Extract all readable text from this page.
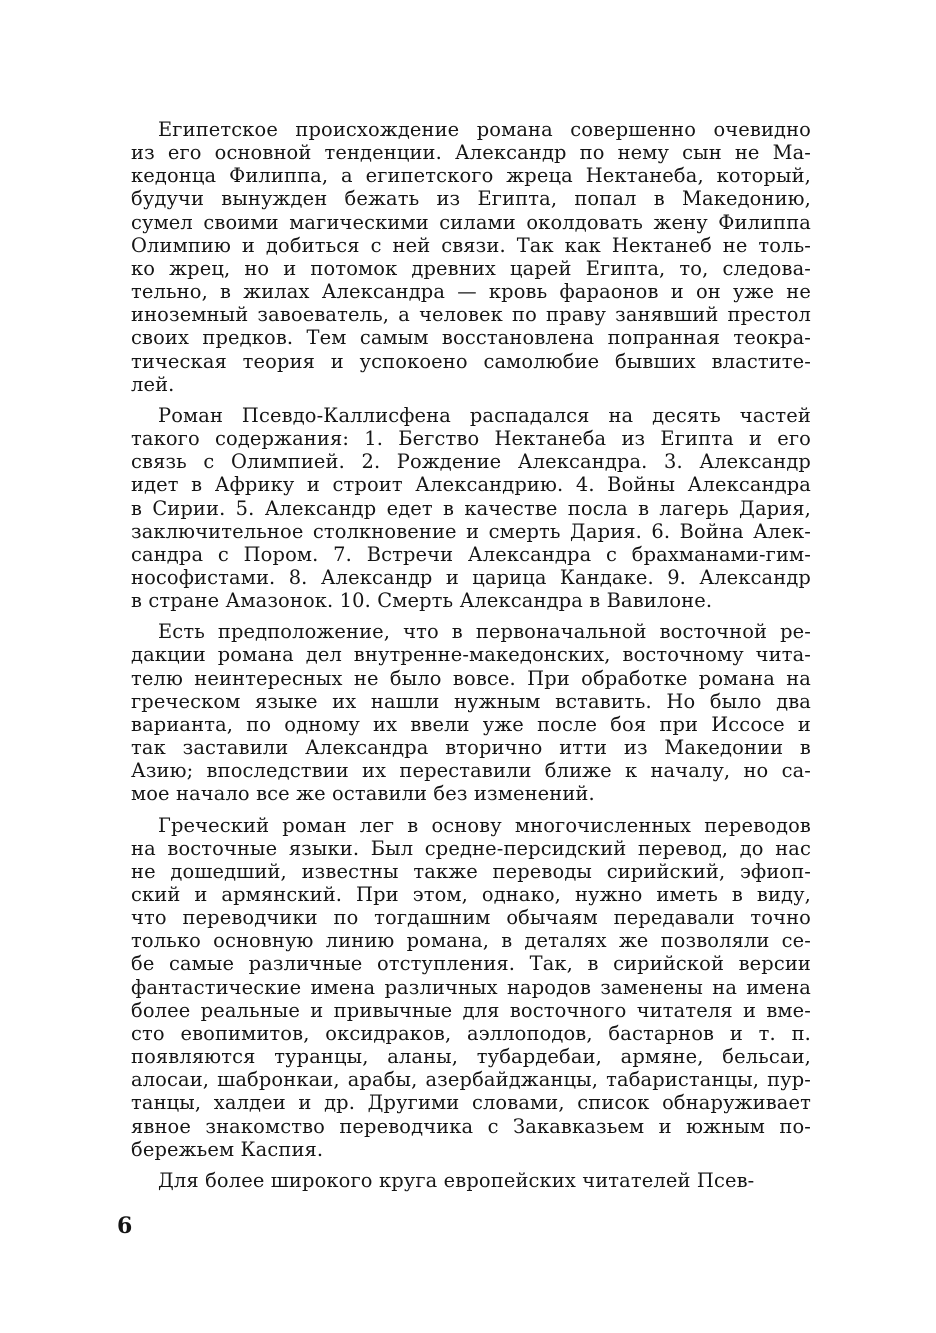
Египетское происхождение романа совершенно очевидно
из его основной тенденции. Александр по нему сын не Ма-
кедонца Филиппа, а египетского жреца Нектанеба, который,
будучи вынужден бежать из Египта, попал в Македонию,
сумел своими магическими силами околдовать жену Филиппа
Олимпию и добиться с ней связи. Так как Нектанеб не толь-
ко жрец, но и потомок древних царей Египта, то, следова-
тельно, в жилах Александра — кровь фараонов и он уже не
иноземный завоеватель, а человек по праву занявший престол
своих предков. Тем самым восстановлена попранная теокра-
тическая теория и успокоено самолюбие бывших властите-
лей.
Роман Псевдо-Каллисфена распадался на десять частей
такого содержания: 1. Бегство Нектанеба из Египта и его
связь с Олимпией. 2. Рождение Александра. 3. Александр
идет в Африку и строит Александрию. 4. Войны Александра
в Сирии. 5. Александр едет в качестве посла в лагерь Дария,
заключительное столкновение и смерть Дария. 6. Война Алек-
сандра с Пором. 7. Встречи Александра с брахманами-гим-
нософистами. 8. Александр и царица Кандаке. 9. Александр
в стране Амазонок. 10. Смерть Александра в Вавилоне.
Есть предположение, что в первоначальной восточной ре-
дакции романа дел внутренне-македонских, восточному чита-
телю неинтересных не было вовсе. При обработке романа на
греческом языке их нашли нужным вставить. Но было два
варианта, по одному их ввели уже после боя при Иссосе и
так заставили Александра вторично итти из Македонии в
Азию; впоследствии их переставили ближе к началу, но са-
мое начало все же оставили без изменений.
Греческий роман лег в основу многочисленных переводов
на восточные языки. Был средне-персидский перевод, до нас
не дошедший, известны также переводы сирийский, эфиоп-
ский и армянский. При этом, однако, нужно иметь в виду,
что переводчики по тогдашним обычаям передавали точно
только основную линию романа, в деталях же позволяли се-
бе самые различные отступления. Так, в сирийской версии
фантастические имена различных народов заменены на имена
более реальные и привычные для восточного читателя и вме-
сто евопимитов, оксидраков, аэллоподов, бастарнов и т. п.
появляются туранцы, аланы, тубардебаи, армяне, бельсаи,
алосаи, шабронкаи, арабы, азербайджанцы, табаристанцы, пур-
танцы, халдеи и др. Другими словами, список обнаруживает
явное знакомство переводчика с Закавказьем и южным по-
бережьем Каспия.
Для более широкого круга европейских читателей Псев-
6
